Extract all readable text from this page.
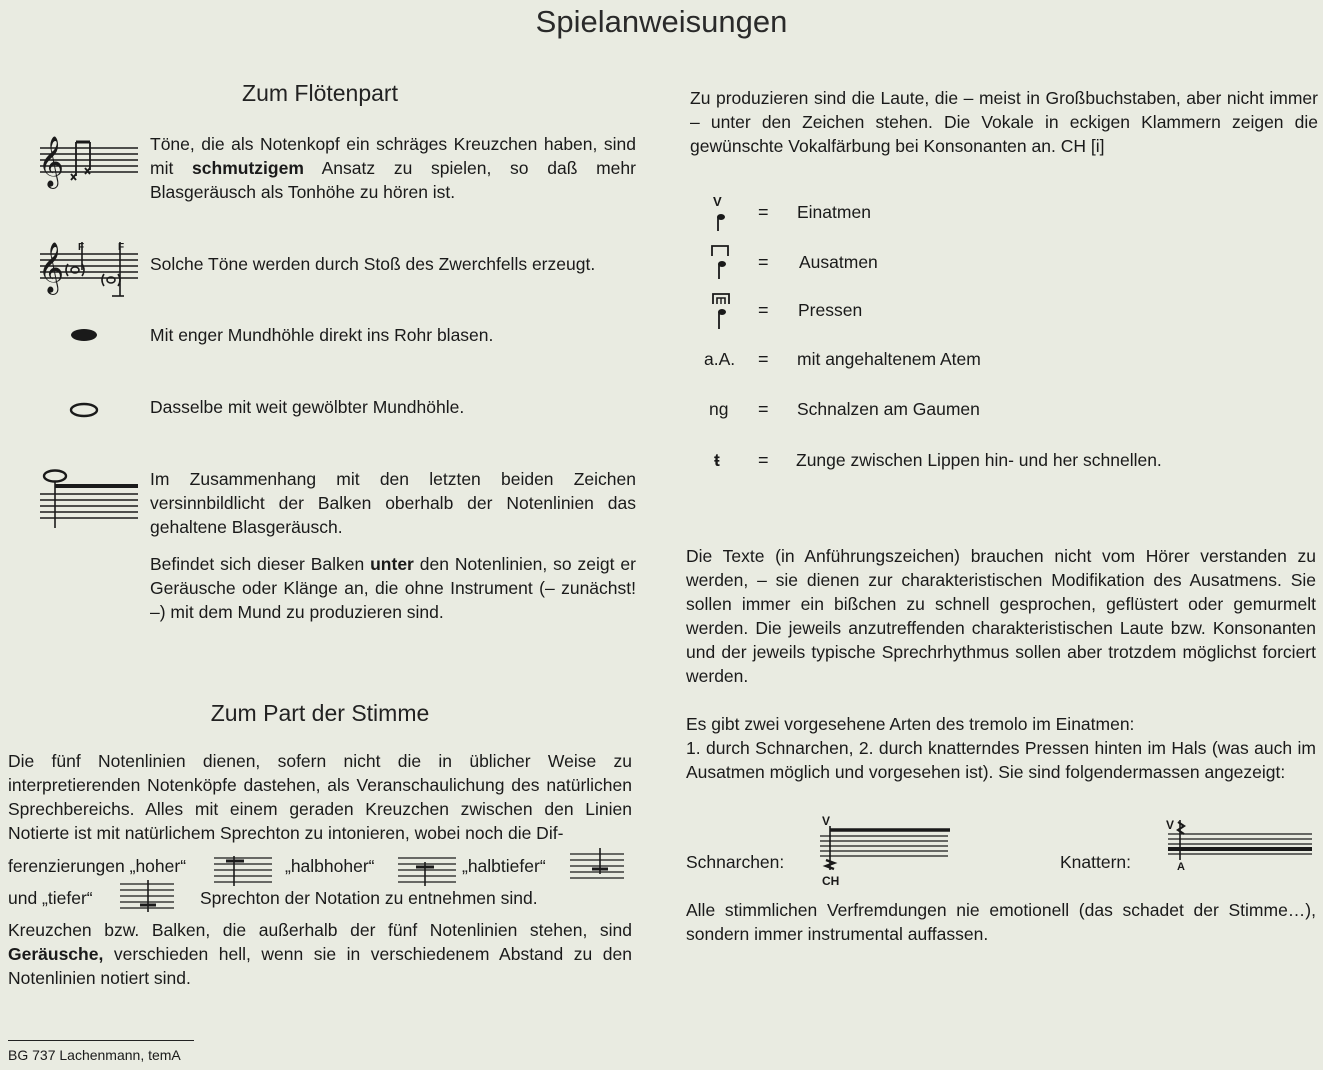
Spielanweisungen
Zum Flötenpart
𝄞	Töne, die als Notenkopf ein schräges Kreuzchen haben, sind mit schmutzigem Ansatz zu spielen, so daß mehr Blasgeräusch als Tonhöhe zu hören ist.
𝄞 F	F
Solche Töne werden durch Stoß des Zwerchfells erzeugt.
Mit enger Mundhöhle direkt ins Rohr blasen.
Dasselbe mit weit gewölbter Mundhöhle.
Im Zusammenhang mit den letzten beiden Zeichen versinnbildlicht der Balken oberhalb der Notenlinien das gehaltene Blasgeräusch.
Befindet sich dieser Balken unter den Notenlinien, so zeigt er Geräusche oder Klänge an, die ohne Instrument (– zunächst! –) mit dem Mund zu produzieren sind.
Zum Part der Stimme
Die fünf Notenlinien dienen, sofern nicht die in üblicher Weise zu interpretierenden Notenköpfe dastehen, als Veranschaulichung des natürlichen Sprechbereichs. Alles mit einem geraden Kreuzchen zwischen den Linien Notierte ist mit natürlichem Sprechton zu intonieren, wobei noch die Dif-
ferenzierungen „hoher“	„halbhoher“	„halbtiefer“
und „tiefer“	Sprechton der Notation zu entnehmen sind.
Kreuzchen bzw. Balken, die außerhalb der fünf Notenlinien stehen, sind Geräusche, verschieden hell, wenn sie in verschiedenem Abstand zu den Notenlinien notiert sind.
Zu produzieren sind die Laute, die – meist in Großbuchstaben, aber nicht immer – unter den Zeichen stehen. Die Vokale in eckigen Klammern zeigen die gewünschte Vokalfärbung bei Konsonanten an. CH [i]
V
= Einatmen
= Ausatmen
= Pressen
a.A. = mit angehaltenem Atem
ng = Schnalzen am Gaumen
ŧ = Zunge zwischen Lippen hin- und her schnellen.
Die Texte (in Anführungszeichen) brauchen nicht vom Hörer verstanden zu werden, – sie dienen zur charakteristischen Modifikation des Ausatmens. Sie sollen immer ein bißchen zu schnell gesprochen, geflüstert oder gemurmelt werden. Die jeweils anzutreffenden charakteristischen Laute bzw. Konsonanten und der jeweils typische Sprechrhythmus sollen aber trotzdem möglichst forciert werden.
Es gibt zwei vorgesehene Arten des tremolo im Einatmen:
1. durch Schnarchen, 2. durch knatterndes Pressen hinten im Hals (was auch im Ausatmen möglich und vorgesehen ist). Sie sind folgendermassen angezeigt:
Schnarchen:
V
CH
Knattern:
V
A
Alle stimmlichen Verfremdungen nie emotionell (das schadet der Stimme…), sondern immer instrumental auffassen.
BG 737 Lachenmann, temA
